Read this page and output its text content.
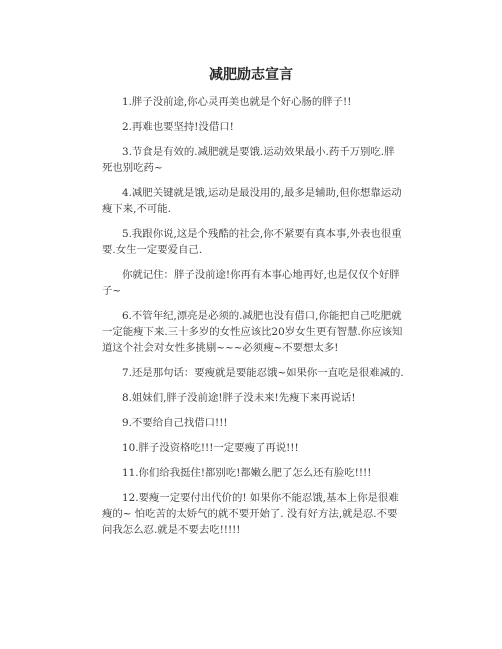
减肥励志宣言

1.胖子没前途,你心灵再美也就是个好心肠的胖子!!

2.再难也要坚持!没借口!

3.节食是有效的.减肥就是要饿.运动效果最小.药千万别吃.胖死也别吃药~

4.减肥关键就是饿,运动是最没用的,最多是辅助,但你想靠运动瘦下来,不可能.

5.我跟你说,这是个残酷的社会,你不紧要有真本事,外表也很重要.女生一定要爱自己.

你就记住：胖子没前途!你再有本事心地再好,也是仅仅个好胖子~

6.不管年纪,漂亮是必须的.减肥也没有借口,你能把自己吃肥就一定能瘦下来.三十多岁的女性应该比20岁女生更有智慧.你应该知道这个社会对女性多挑剔~~~必须瘦~不要想太多!

7.还是那句话：要瘦就是要能忍饿~如果你一直吃是很难减的.

8.姐妹们,胖子没前途!胖子没未来!先瘦下来再说话!

9.不要给自己找借口!!!

10.胖子没资格吃!!!一定要瘦了再说!!!

11.你们给我挺住!都别吃!都嫩么肥了怎么还有脸吃!!!!

12.要瘦一定要付出代价的! 如果你不能忍饿,基本上你是很难瘦的~ 怕吃苦的太娇气的就不要开始了. 没有好方法,就是忍.不要问我怎么忍.就是不要去吃!!!!!
